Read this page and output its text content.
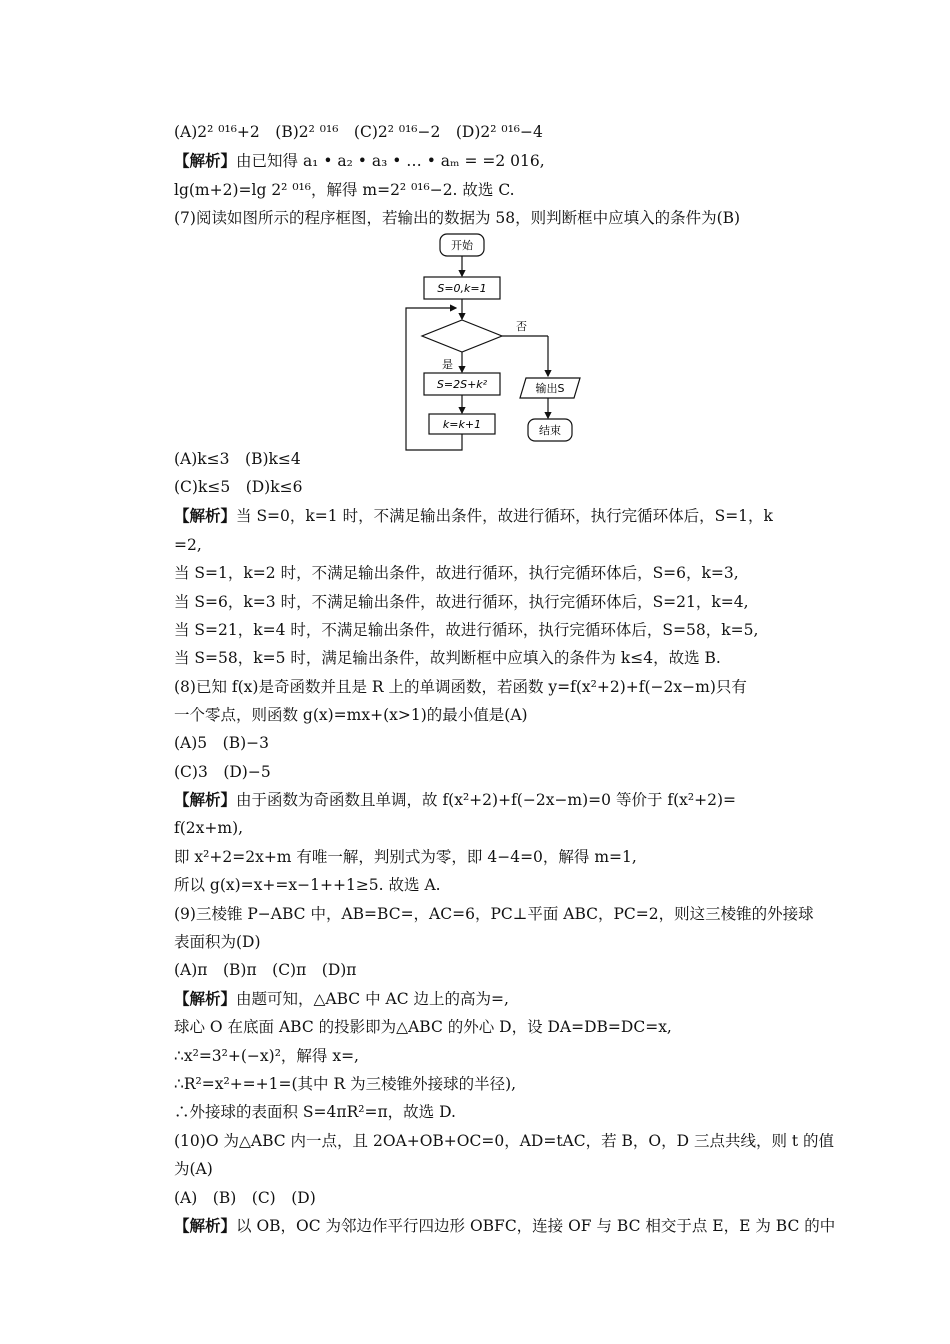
(A)2² ⁰¹⁶+2　(B)2² ⁰¹⁶　(C)2² ⁰¹⁶−2　(D)2² ⁰¹⁶−4
【解析】由已知得 a₁ • a₂ • a₃ • … • aₘ = =2 016,
lg(m+2)=lg 2² ⁰¹⁶，解得 m=2² ⁰¹⁶−2. 故选 C.
(7)阅读如图所示的程序框图，若输出的数据为 58，则判断框中应填入的条件为(B)
开始
S=0,k=1
否
是
S=2S+k²
k=k+1
输出S
结束
(A)k≤3　(B)k≤4
(C)k≤5　(D)k≤6
【解析】当 S=0，k=1 时，不满足输出条件，故进行循环，执行完循环体后，S=1，k
=2,
当 S=1，k=2 时，不满足输出条件，故进行循环，执行完循环体后，S=6，k=3,
当 S=6，k=3 时，不满足输出条件，故进行循环，执行完循环体后，S=21，k=4,
当 S=21，k=4 时，不满足输出条件，故进行循环，执行完循环体后，S=58，k=5,
当 S=58，k=5 时，满足输出条件，故判断框中应填入的条件为 k≤4，故选 B.
(8)已知 f(x)是奇函数并且是 R 上的单调函数，若函数 y=f(x²+2)+f(−2x−m)只有
一个零点，则函数 g(x)=mx+(x>1)的最小值是(A)
(A)5　(B)−3
(C)3　(D)−5
【解析】由于函数为奇函数且单调，故 f(x²+2)+f(−2x−m)=0 等价于 f(x²+2)=
f(2x+m),
即 x²+2=2x+m 有唯一解，判别式为零，即 4−4=0，解得 m=1,
所以 g(x)=x+=x−1++1≥5. 故选 A.
(9)三棱锥 P−ABC 中，AB=BC=，AC=6，PC⊥平面 ABC，PC=2，则这三棱锥的外接球
表面积为(D)
(A)π　(B)π　(C)π　(D)π
【解析】由题可知，△ABC 中 AC 边上的高为=,
球心 O 在底面 ABC 的投影即为△ABC 的外心 D，设 DA=DB=DC=x,
∴x²=3²+(−x)²，解得 x=,
∴R²=x²+=+1=(其中 R 为三棱锥外接球的半径),
∴外接球的表面积 S=4πR²=π，故选 D.
(10)O 为△ABC 内一点，且 2OA+OB+OC=0，AD=tAC，若 B，O，D 三点共线，则 t 的值
为(A)
(A)　(B)　(C)　(D)
【解析】以 OB，OC 为邻边作平行四边形 OBFC，连接 OF 与 BC 相交于点 E，E 为 BC 的中
